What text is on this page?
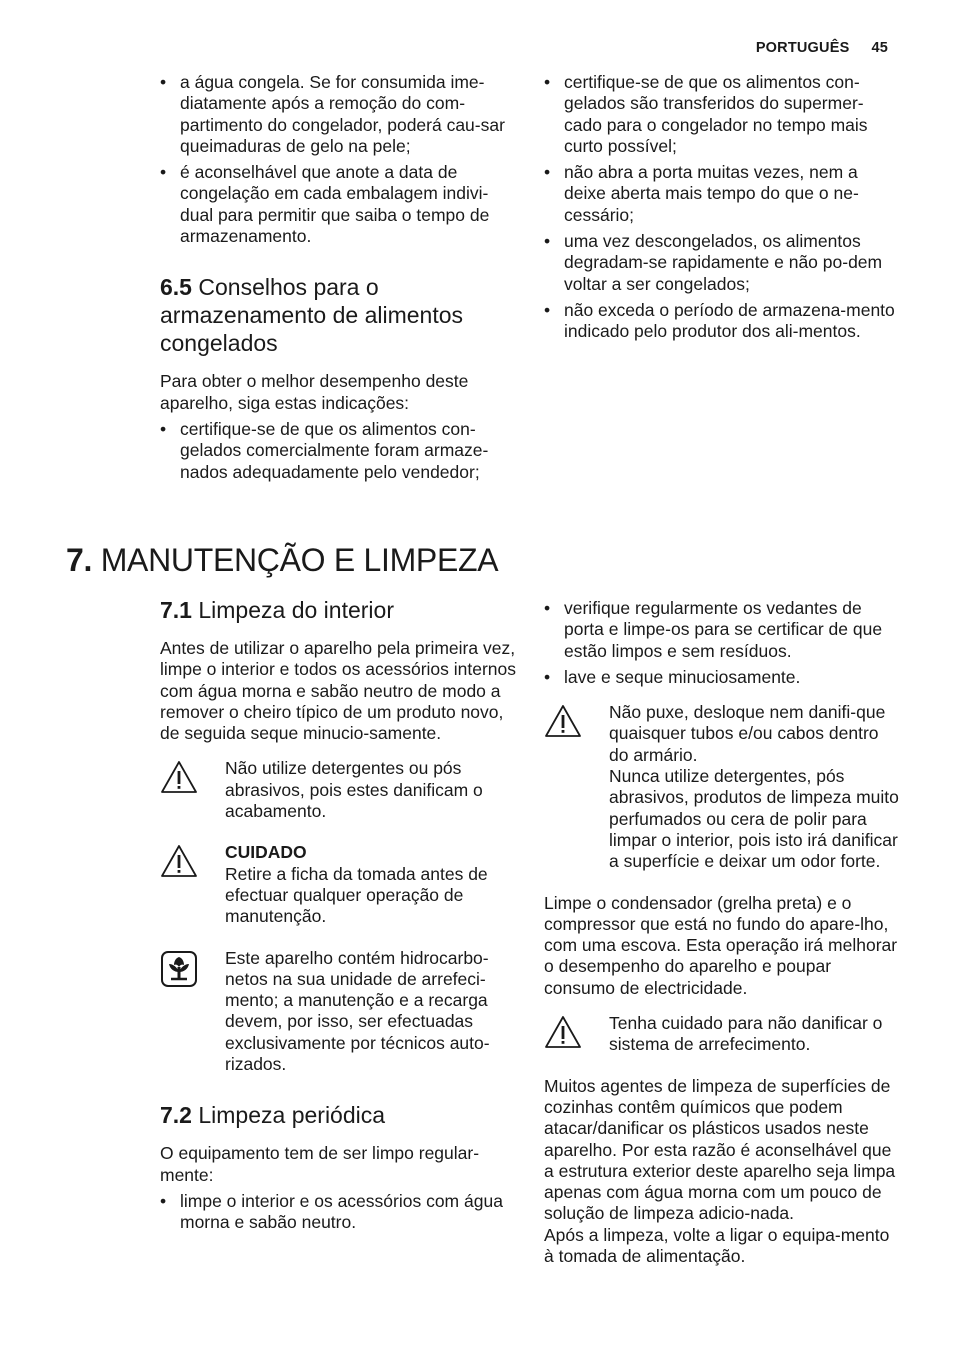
PORTUGUÊS 45
• a água congela. Se for consumida ime-diatamente após a remoção do com-partimento do congelador, poderá cau-sar queimaduras de gelo na pele;
• é aconselhável que anote a data de congelação em cada embalagem indivi-dual para permitir que saiba o tempo de armazenamento.
6.5 Conselhos para o armazenamento de alimentos congelados

Para obter o melhor desempenho deste aparelho, siga estas indicações:

• certifique-se de que os alimentos con-gelados comercialmente foram armaze-nados adequadamente pelo vendedor;
• certifique-se de que os alimentos con-gelados são transferidos do supermer-cado para o congelador no tempo mais curto possível;
• não abra a porta muitas vezes, nem a deixe aberta mais tempo do que o ne-cessário;
• uma vez descongelados, os alimentos degradam-se rapidamente e não po-dem voltar a ser congelados;
• não exceda o período de armazena-mento indicado pelo produtor dos ali-mentos.
7. MANUTENÇÃO E LIMPEZA
7.1 Limpeza do interior

Antes de utilizar o aparelho pela primeira vez, limpe o interior e todos os acessórios internos com água morna e sabão neutro de modo a remover o cheiro típico de um produto novo, de seguida seque minucio-samente.

Não utilize detergentes ou pós abrasivos, pois estes danificam o acabamento.

CUIDADO

Retire a ficha da tomada antes de efectuar qualquer operação de manutenção.

Este aparelho contém hidrocarbo-netos na sua unidade de arrefeci-mento; a manutenção e a recarga devem, por isso, ser efectuadas exclusivamente por técnicos auto-rizados.

7.2 Limpeza periódica

O equipamento tem de ser limpo regular-mente:

• limpe o interior e os acessórios com água morna e sabão neutro.
• verifique regularmente os vedantes de porta e limpe-os para se certificar de que estão limpos e sem resíduos.
• lave e seque minuciosamente.

Não puxe, desloque nem danifi-que quaisquer tubos e/ou cabos dentro do armário.

Nunca utilize detergentes, pós abrasivos, produtos de limpeza muito perfumados ou cera de polir para limpar o interior, pois isto irá danificar a superfície e deixar um odor forte.

Limpe o condensador (grelha preta) e o compressor que está no fundo do apare-lho, com uma escova. Esta operação irá melhorar o desempenho do aparelho e poupar consumo de electricidade.

Tenha cuidado para não danificar o sistema de arrefecimento.

Muitos agentes de limpeza de superfícies de cozinhas contêm químicos que podem atacar/danificar os plásticos usados neste aparelho. Por esta razão é aconselhável que a estrutura exterior deste aparelho seja limpa apenas com água morna com um pouco de solução de limpeza adicio-nada.

Após a limpeza, volte a ligar o equipa-mento à tomada de alimentação.
